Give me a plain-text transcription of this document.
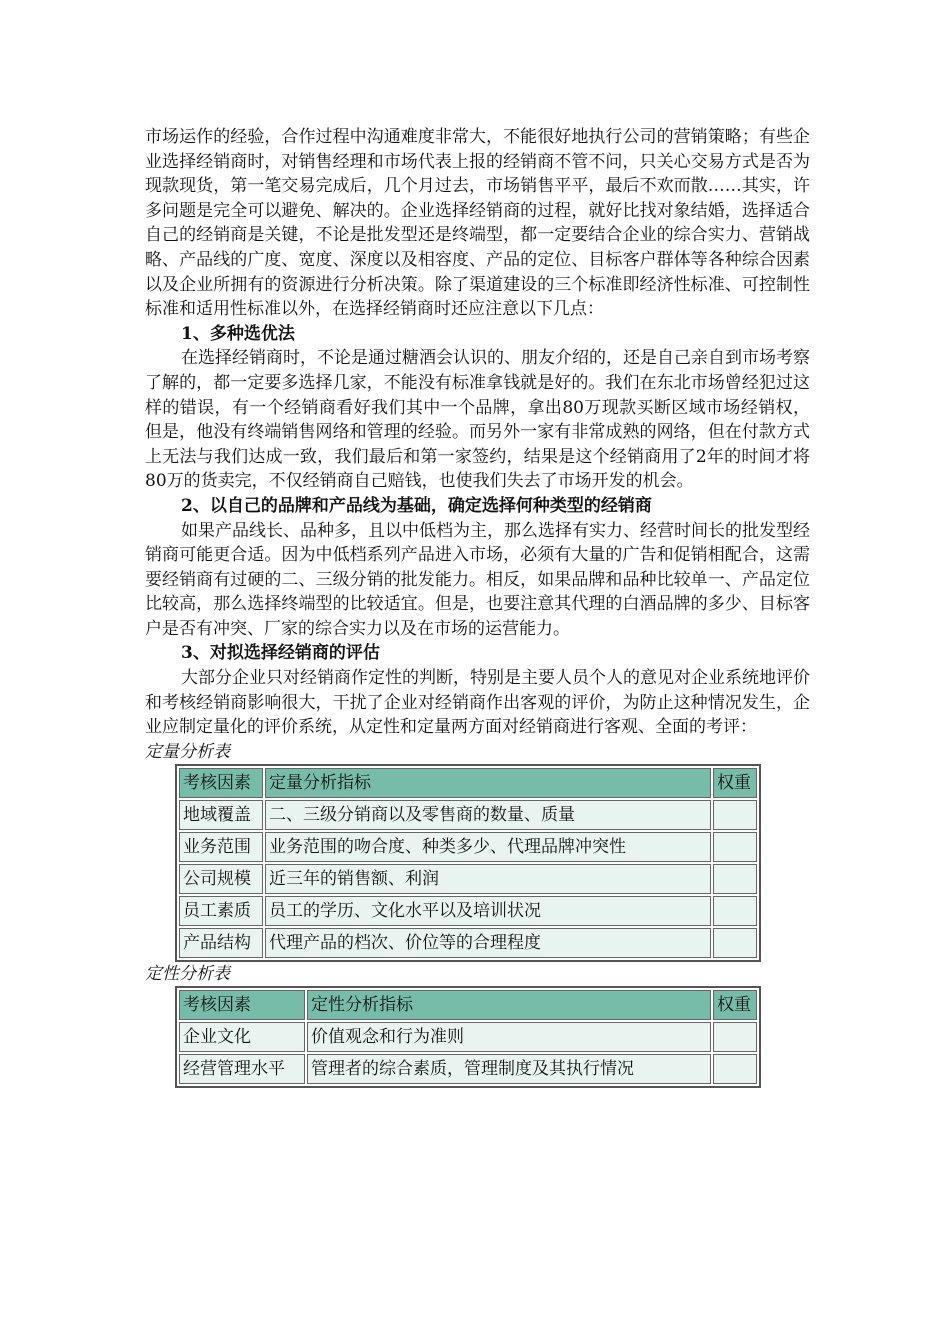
市场运作的经验，合作过程中沟通难度非常大，不能很好地执行公司的营销策略；有些企业选择经销商时，对销售经理和市场代表上报的经销商不管不问，只关心交易方式是否为现款现货，第一笔交易完成后，几个月过去，市场销售平平，最后不欢而散……其实，许多问题是完全可以避免、解决的。企业选择经销商的过程，就好比找对象结婚，选择适合自己的经销商是关键，不论是批发型还是终端型，都一定要结合企业的综合实力、营销战略、产品线的广度、宽度、深度以及相容度、产品的定位、目标客户群体等各种综合因素以及企业所拥有的资源进行分析决策。除了渠道建设的三个标准即经济性标准、可控制性标准和适用性标准以外，在选择经销商时还应注意以下几点：

1、多种选优法

在选择经销商时，不论是通过糖酒会认识的、朋友介绍的，还是自己亲自到市场考察了解的，都一定要多选择几家，不能没有标准拿钱就是好的。我们在东北市场曾经犯过这样的错误，有一个经销商看好我们其中一个品牌，拿出80万现款买断区域市场经销权，但是，他没有终端销售网络和管理的经验。而另外一家有非常成熟的网络，但在付款方式上无法与我们达成一致，我们最后和第一家签约，结果是这个经销商用了2年的时间才将80万的货卖完，不仅经销商自己赔钱，也使我们失去了市场开发的机会。

2、以自己的品牌和产品线为基础，确定选择何种类型的经销商

如果产品线长、品种多，且以中低档为主，那么选择有实力、经营时间长的批发型经销商可能更合适。因为中低档系列产品进入市场，必须有大量的广告和促销相配合，这需要经销商有过硬的二、三级分销的批发能力。相反，如果品牌和品种比较单一、产品定位比较高，那么选择终端型的比较适宜。但是，也要注意其代理的白酒品牌的多少、目标客户是否有冲突、厂家的综合实力以及在市场的运营能力。

3、对拟选择经销商的评估

大部分企业只对经销商作定性的判断，特别是主要人员个人的意见对企业系统地评价和考核经销商影响很大，干扰了企业对经销商作出客观的评价，为防止这种情况发生，企业应制定量化的评价系统，从定性和定量两方面对经销商进行客观、全面的考评：

定量分析表

考核因素	定量分析指标	权重
地域覆盖	二、三级分销商以及零售商的数量、质量	
业务范围	业务范围的吻合度、种类多少、代理品牌冲突性	
公司规模	近三年的销售额、利润	
员工素质	员工的学历、文化水平以及培训状况	
产品结构	代理产品的档次、价位等的合理程度	

定性分析表

考核因素	定性分析指标	权重
企业文化	价值观念和行为准则	
经营管理水平	管理者的综合素质，管理制度及其执行情况	
